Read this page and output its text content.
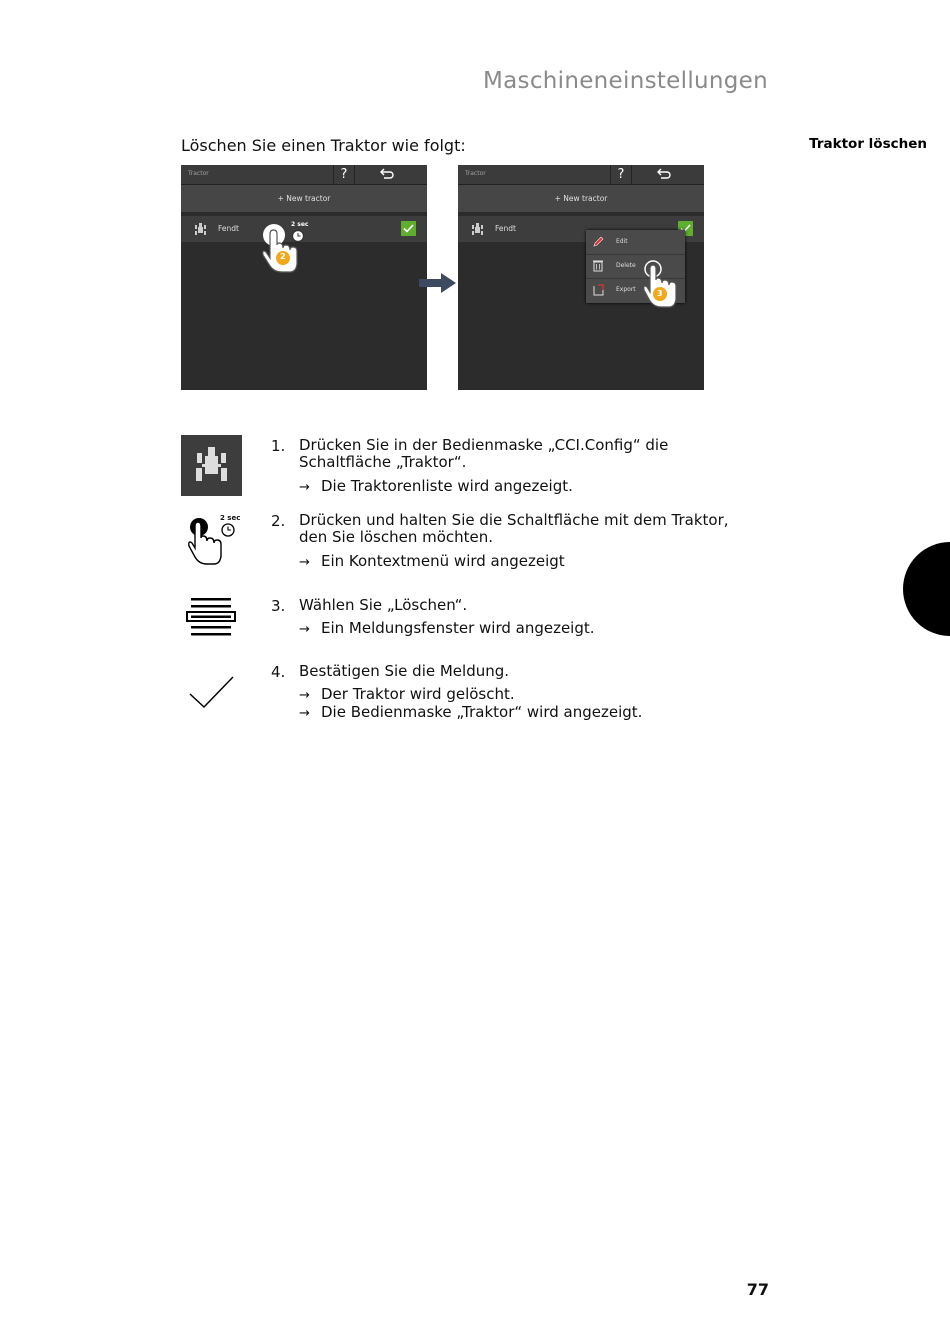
Maschineneinstellungen
Traktor löschen
Löschen Sie einen Traktor wie folgt:
Tractor	?
+ New tractor
Fendt	2 sec
2
Tractor	?
+ New tractor
Fendt
Edit
Delete
Export	3
1. Drücken Sie in der Bedienmaske „CCI.Config“ die Schaltfläche „Traktor“.
→ Die Traktorenliste wird angezeigt.
2 sec 2. Drücken und halten Sie die Schaltfläche mit dem Traktor, den Sie löschen möchten.
→ Ein Kontextmenü wird angezeigt
3. Wählen Sie „Löschen“.
→ Ein Meldungsfenster wird angezeigt.
4. Bestätigen Sie die Meldung.
→ Der Traktor wird gelöscht.
→ Die Bedienmaske „Traktor“ wird angezeigt.
77
